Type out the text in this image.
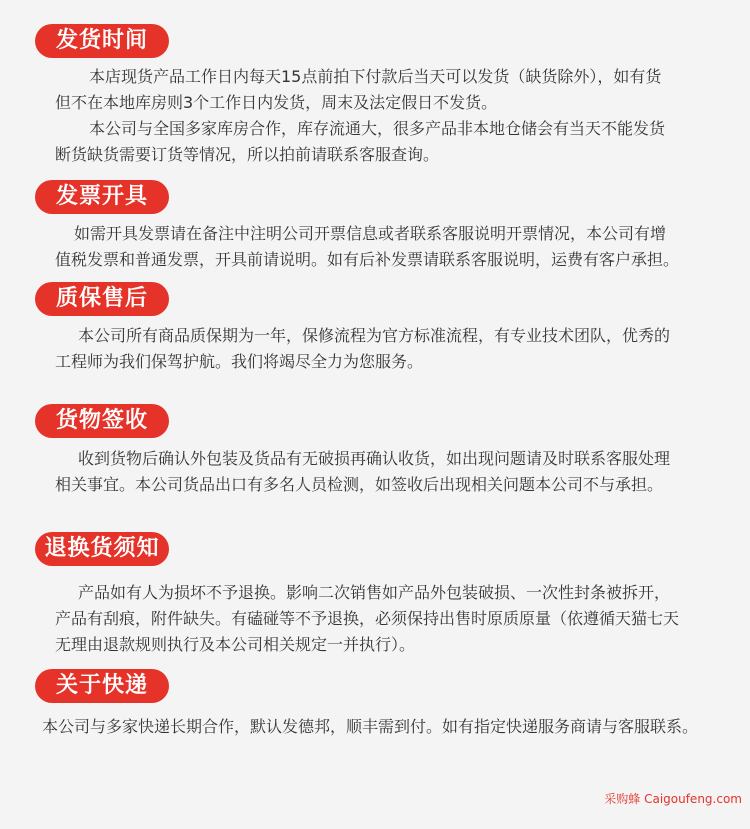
发货时间
本店现货产品工作日内每天15点前拍下付款后当天可以发货（缺货除外），如有货
但不在本地库房则3个工作日内发货，周末及法定假日不发货。
本公司与全国多家库房合作，库存流通大，很多产品非本地仓储会有当天不能发货
断货缺货需要订货等情况，所以拍前请联系客服查询。
发票开具
如需开具发票请在备注中注明公司开票信息或者联系客服说明开票情况，本公司有增
值税发票和普通发票，开具前请说明。如有后补发票请联系客服说明，运费有客户承担。
质保售后
本公司所有商品质保期为一年，保修流程为官方标准流程，有专业技术团队，优秀的
工程师为我们保驾护航。我们将竭尽全力为您服务。
货物签收
收到货物后确认外包装及货品有无破损再确认收货，如出现问题请及时联系客服处理
相关事宜。本公司货品出口有多名人员检测，如签收后出现相关问题本公司不与承担。
退换货须知
产品如有人为损坏不予退换。影响二次销售如产品外包装破损、一次性封条被拆开，
产品有刮痕，附件缺失。有磕碰等不予退换，必须保持出售时原质原量（依遵循天猫七天
无理由退款规则执行及本公司相关规定一并执行）。
关于快递
本公司与多家快递长期合作，默认发德邦，顺丰需到付。如有指定快递服务商请与客服联系。
采购蜂 Caigoufeng.com
